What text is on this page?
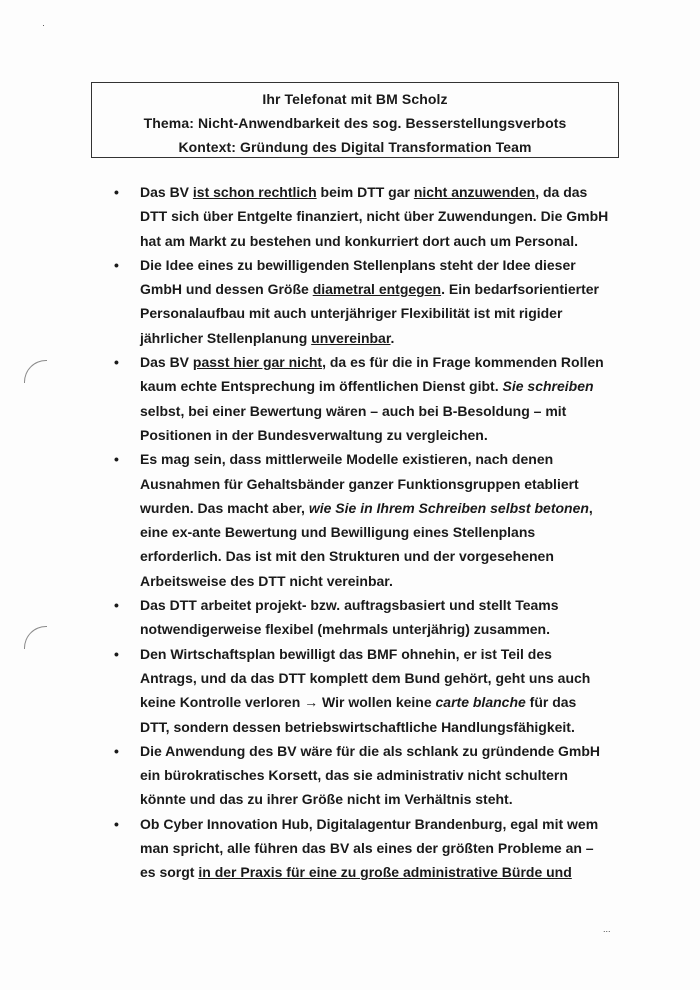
·
Ihr Telefonat mit BM Scholz
Thema: Nicht-Anwendbarkeit des sog. Besserstellungsverbots
Kontext: Gründung des Digital Transformation Team
• Das BV ist schon rechtlich beim DTT gar nicht anzuwenden, da das
DTT sich über Entgelte finanziert, nicht über Zuwendungen. Die GmbH
hat am Markt zu bestehen und konkurriert dort auch um Personal.
• Die Idee eines zu bewilligenden Stellenplans steht der Idee dieser
GmbH und dessen Größe diametral entgegen. Ein bedarfsorientierter
Personalaufbau mit auch unterjähriger Flexibilität ist mit rigider
jährlicher Stellenplanung unvereinbar.
• Das BV passt hier gar nicht, da es für die in Frage kommenden Rollen
kaum echte Entsprechung im öffentlichen Dienst gibt. Sie schreiben
selbst, bei einer Bewertung wären – auch bei B-Besoldung – mit
Positionen in der Bundesverwaltung zu vergleichen.
• Es mag sein, dass mittlerweile Modelle existieren, nach denen
Ausnahmen für Gehaltsbänder ganzer Funktionsgruppen etabliert
wurden. Das macht aber, wie Sie in Ihrem Schreiben selbst betonen,
eine ex-ante Bewertung und Bewilligung eines Stellenplans
erforderlich. Das ist mit den Strukturen und der vorgesehenen
Arbeitsweise des DTT nicht vereinbar.
• Das DTT arbeitet projekt- bzw. auftragsbasiert und stellt Teams
notwendigerweise flexibel (mehrmals unterjährig) zusammen.
• Den Wirtschaftsplan bewilligt das BMF ohnehin, er ist Teil des
Antrags, und da das DTT komplett dem Bund gehört, geht uns auch
keine Kontrolle verloren → Wir wollen keine carte blanche für das
DTT, sondern dessen betriebswirtschaftliche Handlungsfähigkeit.
• Die Anwendung des BV wäre für die als schlank zu gründende GmbH
ein bürokratisches Korsett, das sie administrativ nicht schultern
könnte und das zu ihrer Größe nicht im Verhältnis steht.
• Ob Cyber Innovation Hub, Digitalagentur Brandenburg, egal mit wem
man spricht, alle führen das BV als eines der größten Probleme an –
es sorgt in der Praxis für eine zu große administrative Bürde und
...
